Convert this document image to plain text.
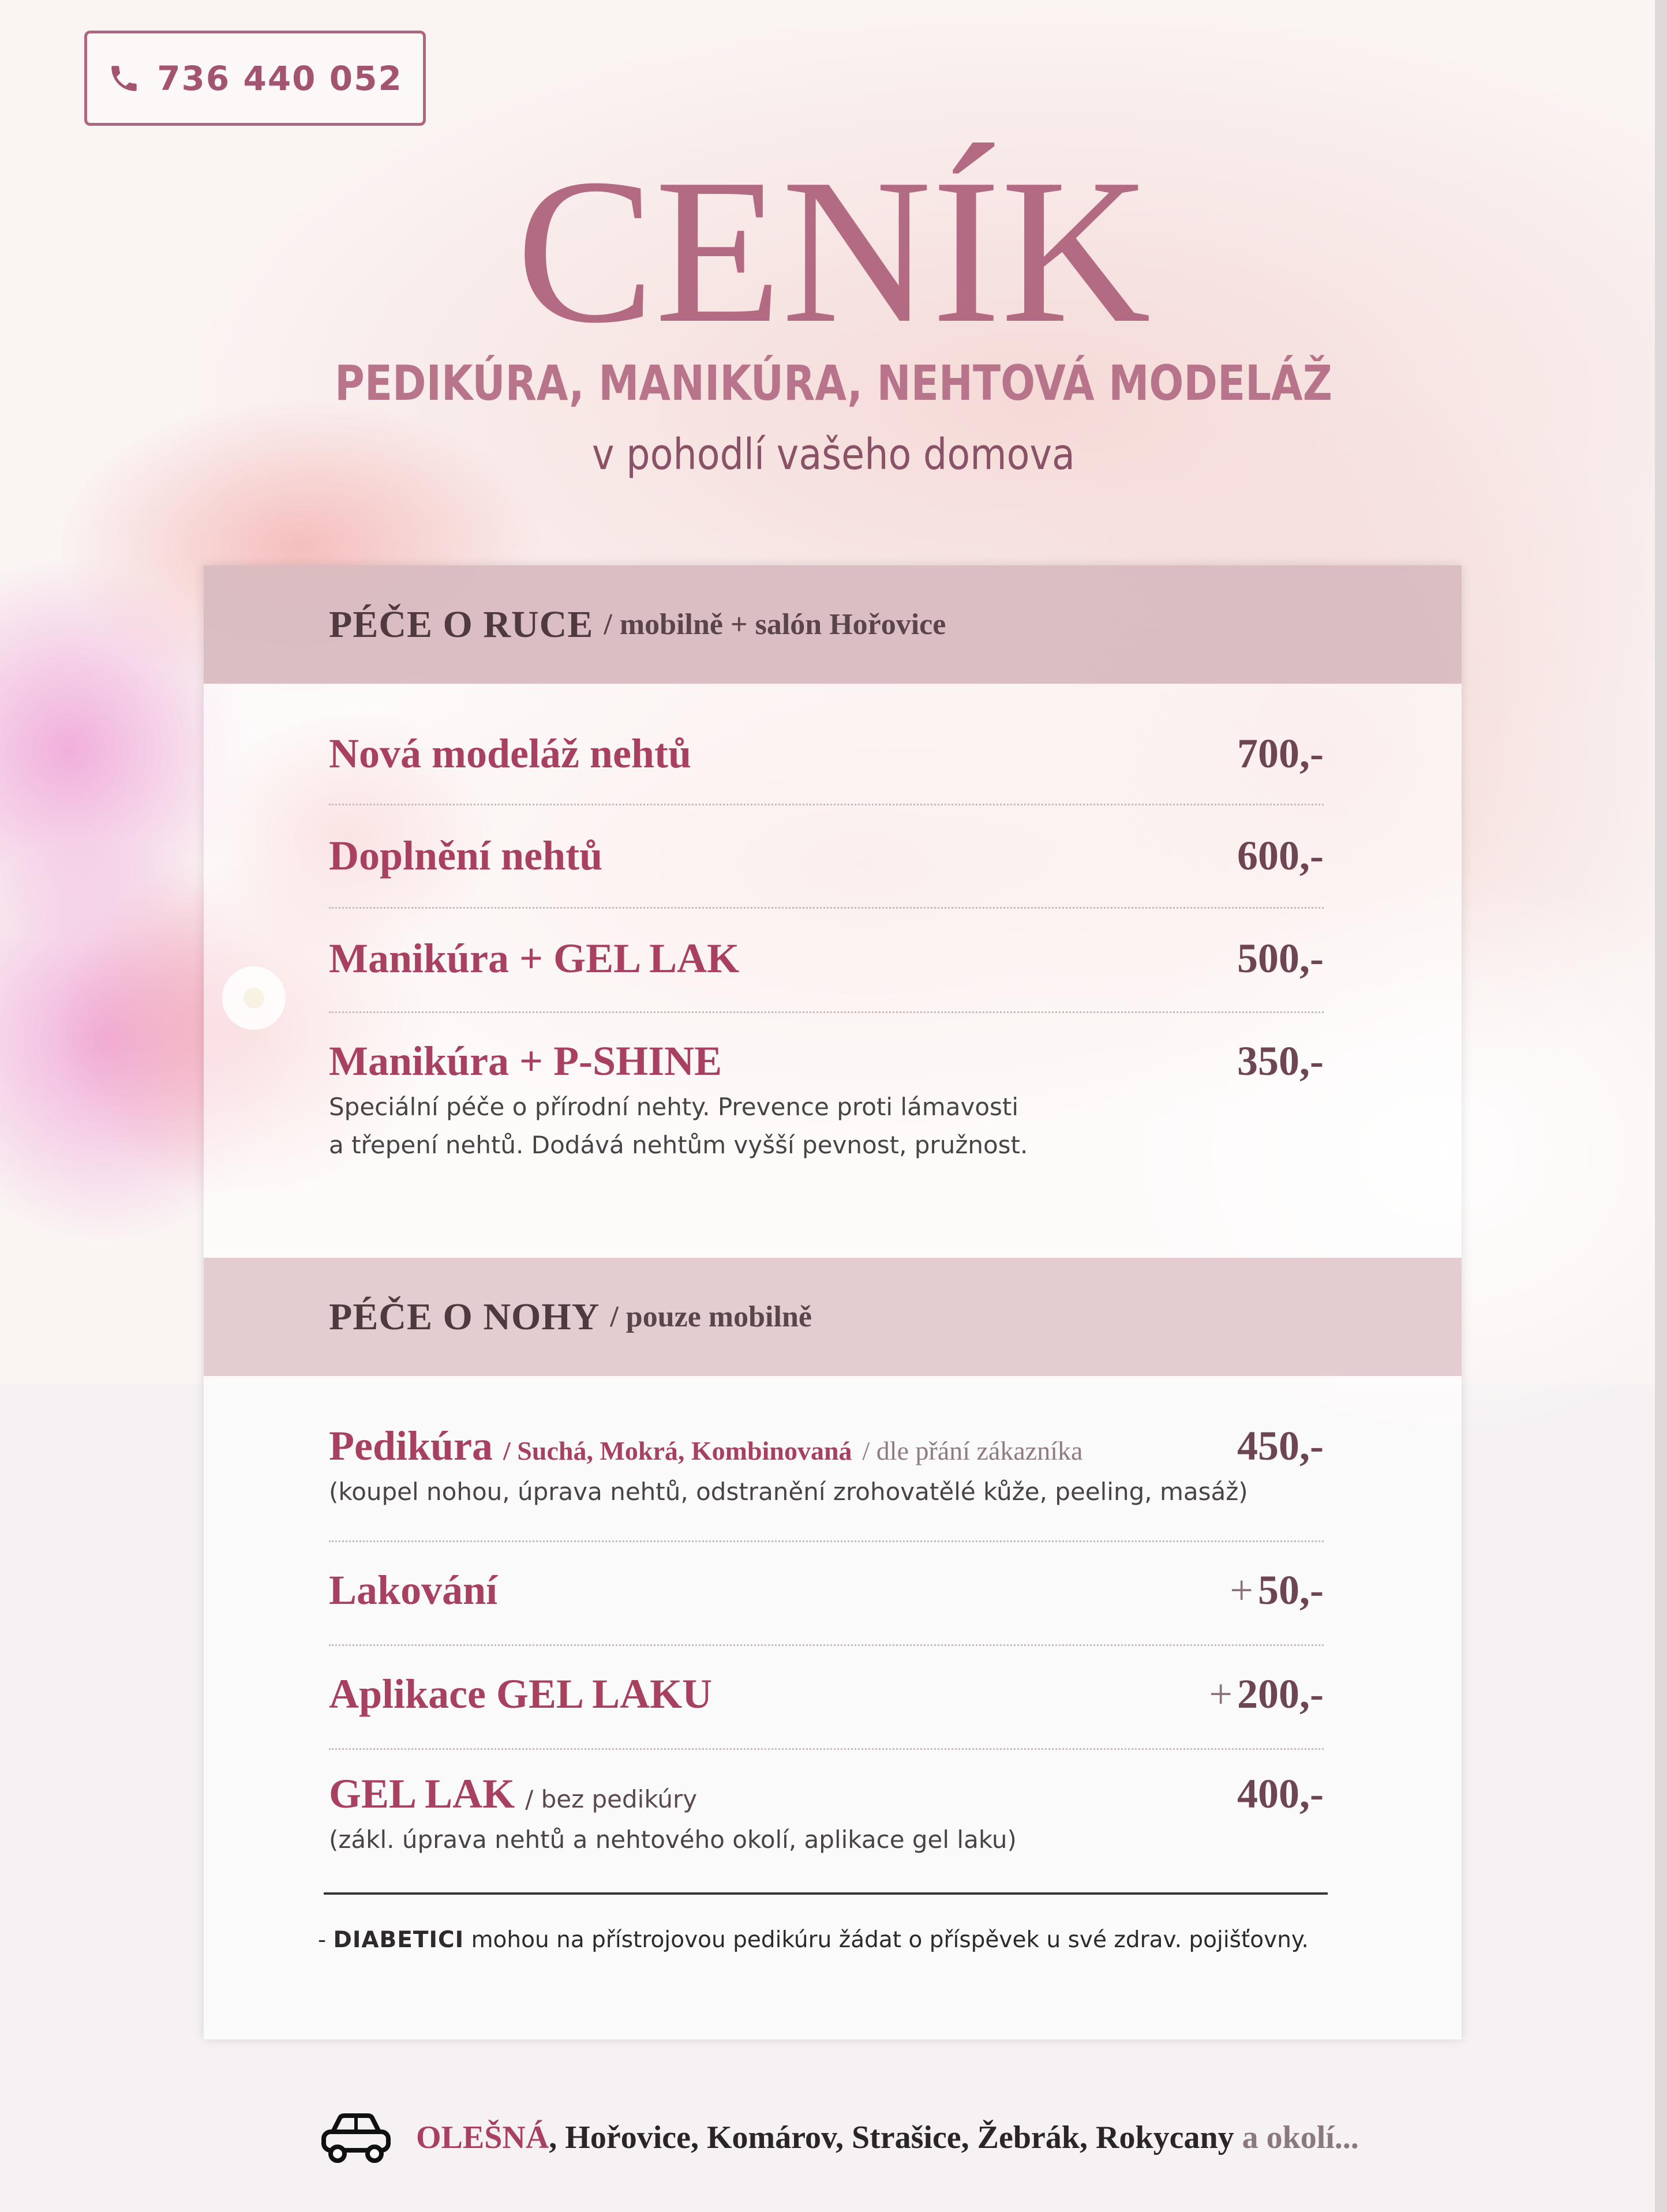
736 440 052
CENÍK
PEDIKÚRA, MANIKÚRA, NEHTOVÁ MODELÁŽ
v pohodlí vašeho domova
PÉČE O RUCE / mobilně + salón Hořovice
Nová modeláž nehtů	700,-
Doplnění nehtů	600,-
Manikúra + GEL LAK	500,-
Manikúra + P-SHINE	350,-
Speciální péče o přírodní nehty. Prevence proti lámavosti
a třepení nehtů. Dodává nehtům vyšší pevnost, pružnost.
PÉČE O NOHY / pouze mobilně
Pedikúra / Suchá, Mokrá, Kombinovaná / dle přání zákazníka	450,-
(koupel nohou, úprava nehtů, odstranění zrohovatělé kůže, peeling, masáž)
Lakování	+ 50,-
Aplikace GEL LAKU	+ 200,-
GEL LAK / bez pedikúry	400,-
(zákl. úprava nehtů a nehtového okolí, aplikace gel laku)
- DIABETICI mohou na přístrojovou pedikúru žádat o příspěvek u své zdrav. pojišťovny.
OLEŠNÁ, Hořovice, Komárov, Strašice, Žebrák, Rokycany a okolí...
